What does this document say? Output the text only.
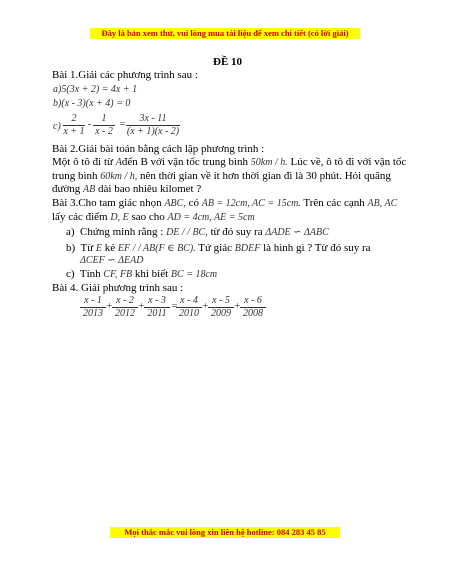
Đây là bản xem thử, vui lòng mua tài liệu để xem chi tiết (có lời giải)
ĐỀ 10
Bài 1.Giải các phương trình sau :
a)5(3x + 2) = 4x + 1
b)(x - 3)(x + 4) = 0
$c) \frac{2}{x + 1} - \frac{1}{x - 2} = \frac{3x - 11}{(x + 1)(x - 2)}$
Bài 2.Giải bài toán bằng cách lập phương trình :
Một ô tô đi từ Ađến B với vận tốc trung bình 50km / h. Lúc về, ô tô đi với vận tốc
trung bình 60km / h, nên thời gian về ít hơn thời gian đi là 30 phút. Hỏi quãng
đường AB dài bao nhiêu kilomet ?
Bài 3.Cho tam giác nhọn ABC, có AB = 12cm, AC = 15cm. Trên các cạnh AB, AC
lấy các điểm D, E sao cho AD = 4cm, AE = 5cm
a) Chứng minh rằng : DE / / BC, từ đó suy ra ΔADE ∽ ΔABC
b) Từ E kẻ EF / / AB(F ∈ BC). Tứ giác BDEF là hình gì ? Từ đó suy ra
ΔCEF ∽ ΔEAD
c) Tính CF, FB khi biết BC = 18cm
Bài 4. Giải phương trình sau :
$\frac{x - 1}{2013} + \frac{x - 2}{2012} + \frac{x - 3}{2011}$ =
$\frac{x - 4}{2010} + \frac{x - 5}{2009} + \frac{x - 6}{2008}$
Mọi thắc mắc vui lòng xin liên hệ hotline: 084 283 45 85
